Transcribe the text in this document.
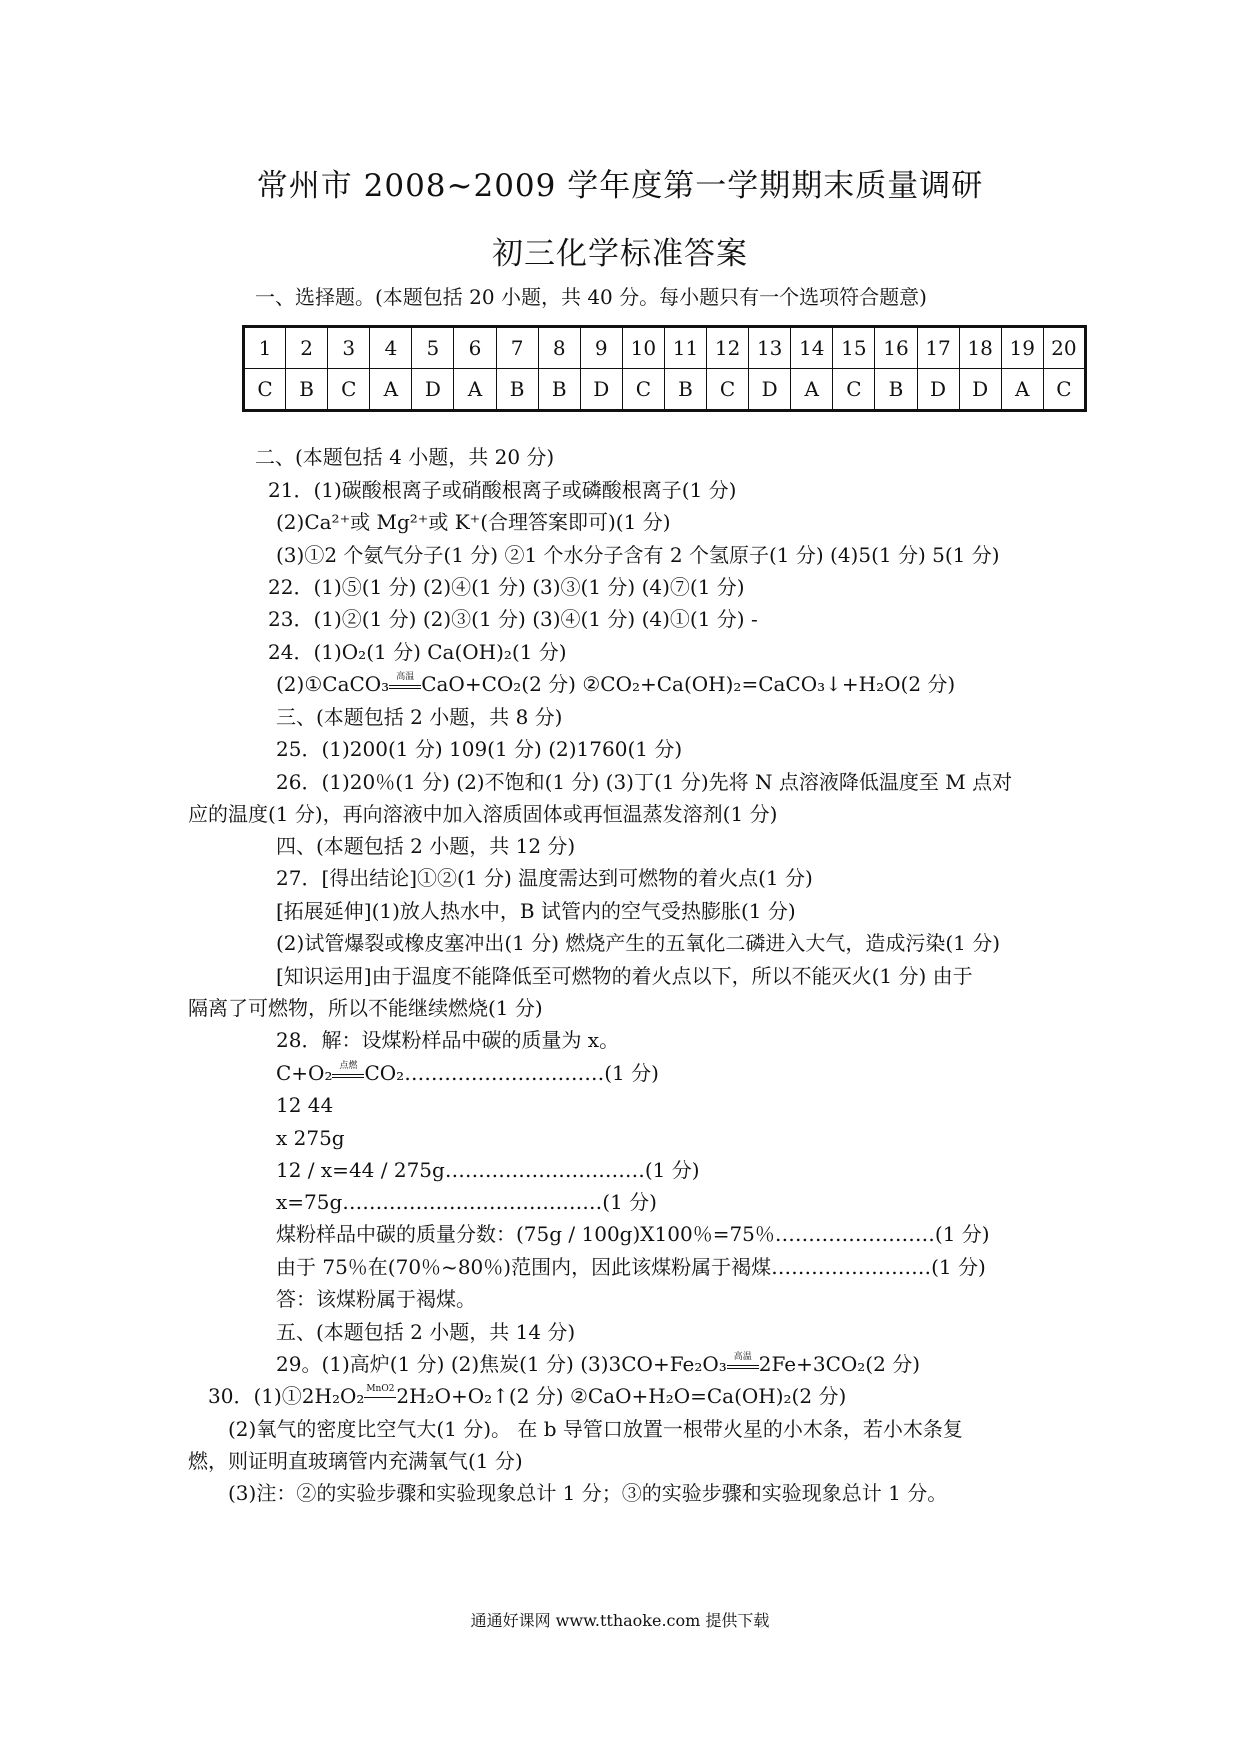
常州市 2008~2009 学年度第一学期期末质量调研
初三化学标准答案
一、选择题。(本题包括 20 小题，共 40 分。每小题只有一个选项符合题意)
1	2	3	4	5	6	7	8	9	10	11	12	13	14	15	16	17	18	19	20
C	B	C	A	D	A	B	B	D	C	B	C	D	A	C	B	D	D	A	C
二、(本题包括 4 小题，共 20 分)
21．(1)碳酸根离子或硝酸根离子或磷酸根离子(1 分)
(2)Ca²⁺或 Mg²⁺或 K⁺(合理答案即可)(1 分)
(3)①2 个氨气分子(1 分) ②1 个水分子含有 2 个氢原子(1 分) (4)5(1 分) 5(1 分)
22．(1)⑤(1 分) (2)④(1 分) (3)③(1 分) (4)⑦(1 分)
23．(1)②(1 分) (2)③(1 分) (3)④(1 分) (4)①(1 分) -
24．(1)O₂(1 分) Ca(OH)₂(1 分)
(2)①CaCO₃ 高温 CaO+CO₂(2 分) ②CO₂+Ca(OH)₂=CaCO₃↓+H₂O(2 分)
三、(本题包括 2 小题，共 8 分)
25．(1)200(1 分) 109(1 分) (2)1760(1 分)
26．(1)20％(1 分) (2)不饱和(1 分) (3)丁(1 分)先将 N 点溶液降低温度至 M 点对
应的温度(1 分)，再向溶液中加入溶质固体或再恒温蒸发溶剂(1 分)
四、(本题包括 2 小题，共 12 分)
27．[得出结论]①②(1 分) 温度需达到可燃物的着火点(1 分)
[拓展延伸](1)放人热水中，B 试管内的空气受热膨胀(1 分)
(2)试管爆裂或橡皮塞冲出(1 分) 燃烧产生的五氧化二磷进入大气，造成污染(1 分)
[知识运用]由于温度不能降低至可燃物的着火点以下，所以不能灭火(1 分) 由于
隔离了可燃物，所以不能继续燃烧(1 分)
28．解：设煤粉样品中碳的质量为 x。
C+O₂ 点燃 CO₂…………………………(1 分)
12 44
x 275g
12 / x=44 / 275g…………………………(1 分)
x=75g…………………………………(1 分)
煤粉样品中碳的质量分数：(75g / 100g)X100％=75％……………………(1 分)
由于 75％在(70％~80％)范围内，因此该煤粉属于褐煤……………………(1 分)
答：该煤粉属于褐煤。
五、(本题包括 2 小题，共 14 分)
29。(1)高炉(1 分) (2)焦炭(1 分) (3)3CO+Fe₂O₃ 高温 2Fe+3CO₂(2 分)
30．(1)①2H₂O₂ MnO2 2H₂O+O₂↑(2 分) ②CaO+H₂O=Ca(OH)₂(2 分)
(2)氧气的密度比空气大(1 分)。 在 b 导管口放置一根带火星的小木条，若小木条复
燃，则证明直玻璃管内充满氧气(1 分)
(3)注：②的实验步骤和实验现象总计 1 分；③的实验步骤和实验现象总计 1 分。
通通好课网 www.tthaoke.com 提供下载
